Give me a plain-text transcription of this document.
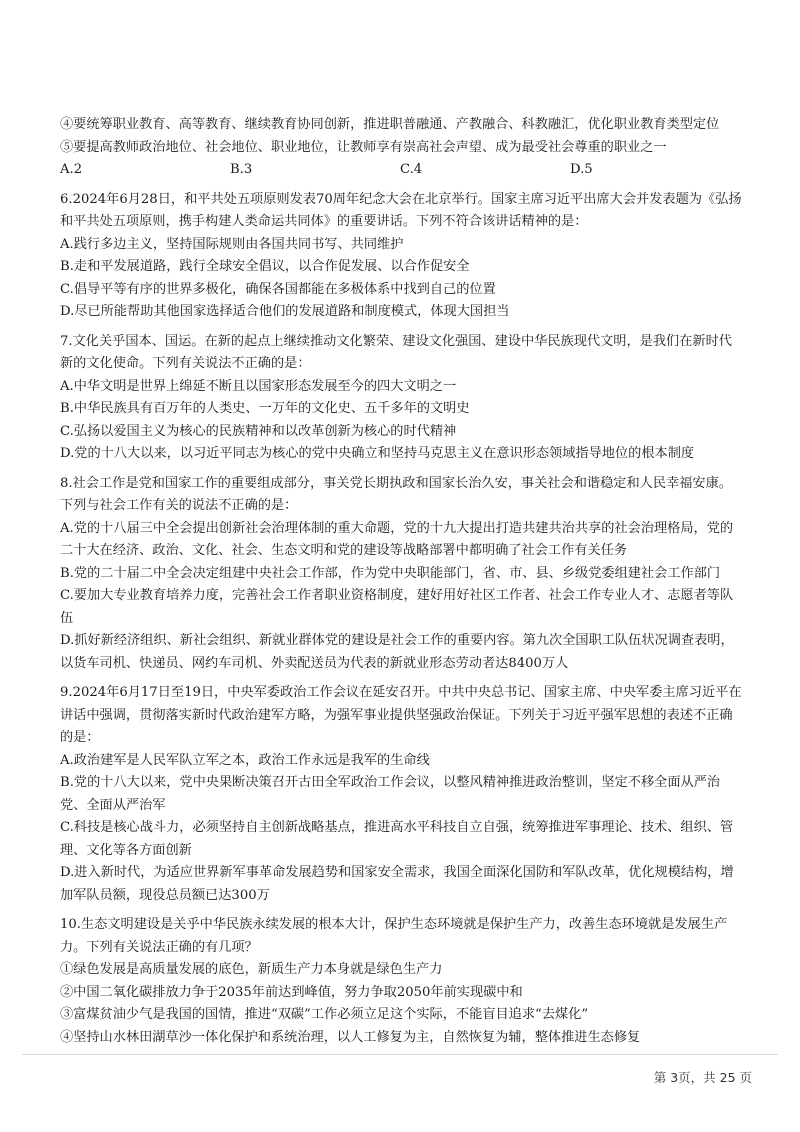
④要统筹职业教育、高等教育、继续教育协同创新，推进职普融通、产教融合、科教融汇，优化职业教育类型定位

⑤要提高教师政治地位、社会地位、职业地位，让教师享有崇高社会声望、成为最受社会尊重的职业之一

A.2	B.3	C.4	D.5

6.2024年6月28日，和平共处五项原则发表70周年纪念大会在北京举行。国家主席习近平出席大会并发表题为《弘扬和平共处五项原则，携手构建人类命运共同体》的重要讲话。下列不符合该讲话精神的是：

A.践行多边主义，坚持国际规则由各国共同书写、共同维护

B.走和平发展道路，践行全球安全倡议，以合作促发展、以合作促安全

C.倡导平等有序的世界多极化，确保各国都能在多极体系中找到自己的位置

D.尽已所能帮助其他国家选择适合他们的发展道路和制度模式，体现大国担当

7.文化关乎国本、国运。在新的起点上继续推动文化繁荣、建设文化强国、建设中华民族现代文明，是我们在新时代新的文化使命。下列有关说法不正确的是：

A.中华文明是世界上绵延不断且以国家形态发展至今的四大文明之一

B.中华民族具有百万年的人类史、一万年的文化史、五千多年的文明史

C.弘扬以爱国主义为核心的民族精神和以改革创新为核心的时代精神

D.党的十八大以来，以习近平同志为核心的党中央确立和坚持马克思主义在意识形态领域指导地位的根本制度

8.社会工作是党和国家工作的重要组成部分，事关党长期执政和国家长治久安，事关社会和谐稳定和人民幸福安康。下列与社会工作有关的说法不正确的是：

A.党的十八届三中全会提出创新社会治理体制的重大命题，党的十九大提出打造共建共治共享的社会治理格局，党的二十大在经济、政治、文化、社会、生态文明和党的建设等战略部署中都明确了社会工作有关任务

B.党的二十届二中全会决定组建中央社会工作部，作为党中央职能部门，省、市、县、乡级党委组建社会工作部门

C.要加大专业教育培养力度，完善社会工作者职业资格制度，建好用好社区工作者、社会工作专业人才、志愿者等队伍

D.抓好新经济组织、新社会组织、新就业群体党的建设是社会工作的重要内容。第九次全国职工队伍状况调查表明，以货车司机、快递员、网约车司机、外卖配送员为代表的新就业形态劳动者达8400万人

9.2024年6月17日至19日，中央军委政治工作会议在延安召开。中共中央总书记、国家主席、中央军委主席习近平在讲话中强调，贯彻落实新时代政治建军方略，为强军事业提供坚强政治保证。下列关于习近平强军思想的表述不正确的是：

A.政治建军是人民军队立军之本，政治工作永远是我军的生命线

B.党的十八大以来，党中央果断决策召开古田全军政治工作会议，以整风精神推进政治整训，坚定不移全面从严治党、全面从严治军

C.科技是核心战斗力，必须坚持自主创新战略基点，推进高水平科技自立自强，统筹推进军事理论、技术、组织、管理、文化等各方面创新

D.进入新时代，为适应世界新军事革命发展趋势和国家安全需求，我国全面深化国防和军队改革，优化规模结构，增加军队员额，现役总员额已达300万

10.生态文明建设是关乎中华民族永续发展的根本大计，保护生态环境就是保护生产力，改善生态环境就是发展生产力。下列有关说法正确的有几项？

①绿色发展是高质量发展的底色，新质生产力本身就是绿色生产力

②中国二氧化碳排放力争于2035年前达到峰值，努力争取2050年前实现碳中和

③富煤贫油少气是我国的国情，推进“双碳”工作必须立足这个实际，不能盲目追求“去煤化”

④坚持山水林田湖草沙一体化保护和系统治理，以人工修复为主，自然恢复为辅，整体推进生态修复

第 3页，共 25 页
